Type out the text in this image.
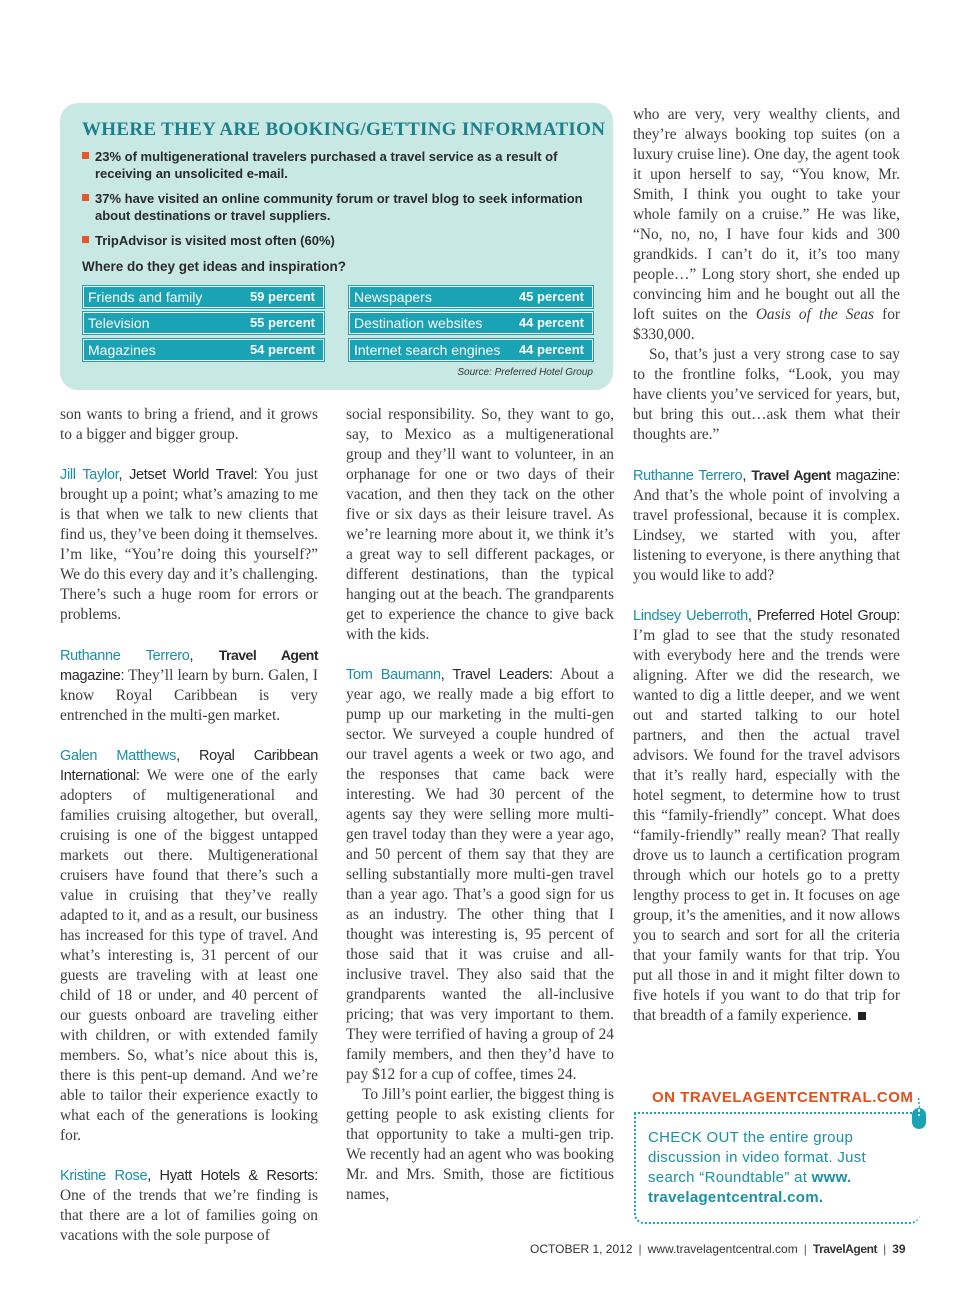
WHERE THEY ARE BOOKING/GETTING INFORMATION
23% of multigenerational travelers purchased a travel service as a result of receiving an unsolicited e-mail.
37% have visited an online community forum or travel blog to seek information about destinations or travel suppliers.
TripAdvisor is visited most often (60%)
Where do they get ideas and inspiration?
Friends and family	59 percent
Television	55 percent
Magazines	54 percent
Newspapers	45 percent
Destination websites	44 percent
Internet search engines 44 percent
Source: Preferred Hotel Group

son wants to bring a friend, and it grows to a bigger and bigger group.

Jill Taylor, Jetset World Travel: You just brought up a point; what’s amazing to me is that when we talk to new clients that find us, they’ve been doing it themselves. I’m like, “You’re doing this yourself?” We do this every day and it’s challenging. There’s such a huge room for errors or problems.

Ruthanne Terrero, Travel Agent magazine: They’ll learn by burn. Galen, I know Royal Caribbean is very entrenched in the multi-gen market.

Galen Matthews, Royal Caribbean International: We were one of the early adopters of multigenerational and families cruising altogether, but overall, cruising is one of the biggest untapped markets out there. Multigenerational cruisers have found that there’s such a value in cruising that they’ve really adapted to it, and as a result, our business has increased for this type of travel. And what’s interesting is, 31 percent of our guests are traveling with at least one child of 18 or under, and 40 percent of our guests onboard are traveling either with children, or with extended family members. So, what’s nice about this is, there is this pent-up demand. And we’re able to tailor their experience exactly to what each of the generations is looking for.

Kristine Rose, Hyatt Hotels & Resorts: One of the trends that we’re finding is that there are a lot of families going on vacations with the sole purpose of

social responsibility. So, they want to go, say, to Mexico as a multigenerational group and they’ll want to volunteer, in an orphanage for one or two days of their vacation, and then they tack on the other five or six days as their leisure travel. As we’re learning more about it, we think it’s a great way to sell different packages, or different destinations, than the typical hanging out at the beach. The grandparents get to experience the chance to give back with the kids.

Tom Baumann, Travel Leaders: About a year ago, we really made a big effort to pump up our marketing in the multi-gen sector. We surveyed a couple hundred of our travel agents a week or two ago, and the responses that came back were interesting. We had 30 percent of the agents say they were selling more multi-gen travel today than they were a year ago, and 50 percent of them say that they are selling substantially more multi-gen travel than a year ago. That’s a good sign for us as an industry. The other thing that I thought was interesting is, 95 percent of those said that it was cruise and all-inclusive travel. They also said that the grandparents wanted the all-inclusive pricing; that was very important to them. They were terrified of having a group of 24 family members, and then they’d have to pay $12 for a cup of coffee, times 24.

To Jill’s point earlier, the biggest thing is getting people to ask existing clients for that opportunity to take a multi-gen trip. We recently had an agent who was booking Mr. and Mrs. Smith, those are fictitious names,

who are very, very wealthy clients, and they’re always booking top suites (on a luxury cruise line). One day, the agent took it upon herself to say, “You know, Mr. Smith, I think you ought to take your whole family on a cruise.” He was like, “No, no, no, I have four kids and 300 grandkids. I can’t do it, it’s too many people…” Long story short, she ended up convincing him and he bought out all the loft suites on the Oasis of the Seas for $330,000.

So, that’s just a very strong case to say to the frontline folks, “Look, you may have clients you’ve serviced for years, but, but bring this out…ask them what their thoughts are.”

Ruthanne Terrero, Travel Agent magazine: And that’s the whole point of involving a travel professional, because it is complex. Lindsey, we started with you, after listening to everyone, is there anything that you would like to add?

Lindsey Ueberroth, Preferred Hotel Group: I’m glad to see that the study resonated with everybody here and the trends were aligning. After we did the research, we wanted to dig a little deeper, and we went out and started talking to our hotel partners, and then the actual travel advisors. We found for the travel advisors that it’s really hard, especially with the hotel segment, to determine how to trust this “family-friendly” concept. What does “family-friendly” really mean? That really drove us to launch a certification program through which our hotels go to a pretty lengthy process to get in. It focuses on age group, it’s the amenities, and it now allows you to search and sort for all the criteria that your family wants for that trip. You put all those in and it might filter down to five hotels if you want to do that trip for that breadth of a family experience.

ON TRAVELAGENTCENTRAL.COM
CHECK OUT the entire group discussion in video format. Just search “Roundtable” at www. travelagentcentral.com.
OCTOBER 1, 2012 | www.travelagentcentral.com | TravelAgent | 39
